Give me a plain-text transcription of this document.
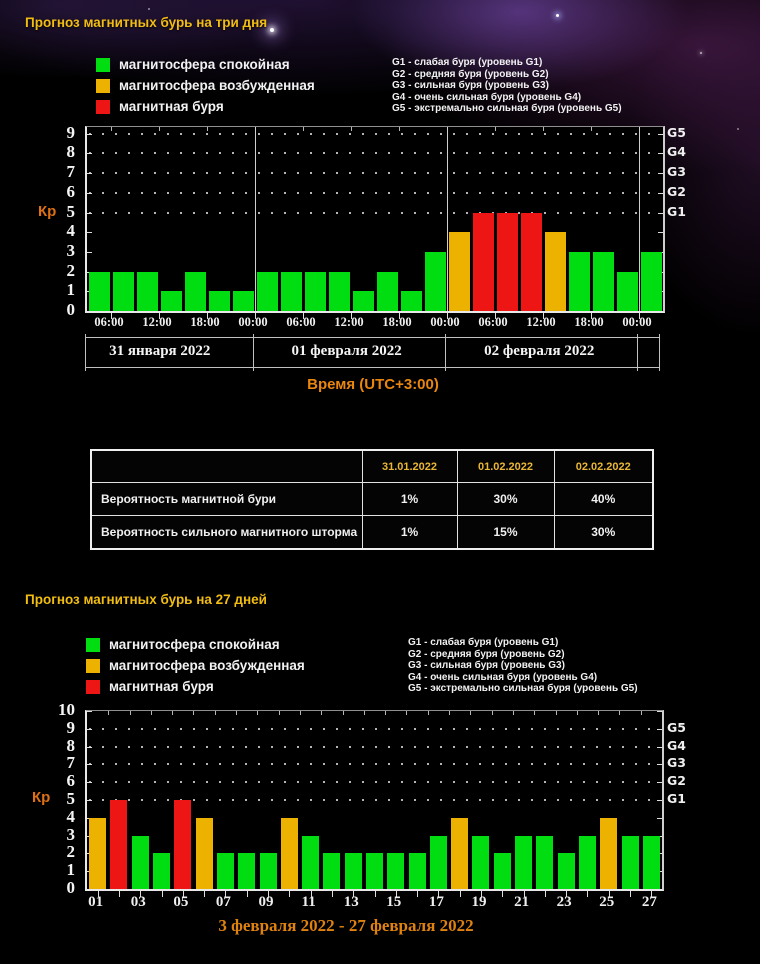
Прогноз магнитных бурь на три дня
магнитосфера спокойная
магнитосфера возбужденная
магнитная буря
G1 - слабая буря (уровень G1)
G2 - средняя буря (уровень G2)
G3 - сильная буря (уровень G3)
G4 - очень сильная буря (уровень G4)
G5 - экстремально сильная буря (уровень G5)
Кр
0
1
2
3
4
5
6
7
8
9
G1
G2
G3
G4
G5
06:00 12:00 18:00 00:00 06:00 12:00 18:00 00:00 06:00 12:00 18:00 00:00
31 января 2022	01 февраля 2022	02 февраля 2022
Время (UTC+3:00)
	31.01.2022	01.02.2022	02.02.2022
Вероятность магнитной бури	1%	30%	40%
Вероятность сильного магнитного шторма	1%	15%	30%
Прогноз магнитных бурь на 27 дней
магнитосфера спокойная
магнитосфера возбужденная
магнитная буря
G1 - слабая буря (уровень G1)
G2 - средняя буря (уровень G2)
G3 - сильная буря (уровень G3)
G4 - очень сильная буря (уровень G4)
G5 - экстремально сильная буря (уровень G5)
Кр
0
1
2
3
4
5
6
7
8
9
10
G1
G2
G3
G4
G5
01 03 05 07 09 11 13 15 17 19 21 23 25 27
3 февраля 2022 - 27 февраля 2022
